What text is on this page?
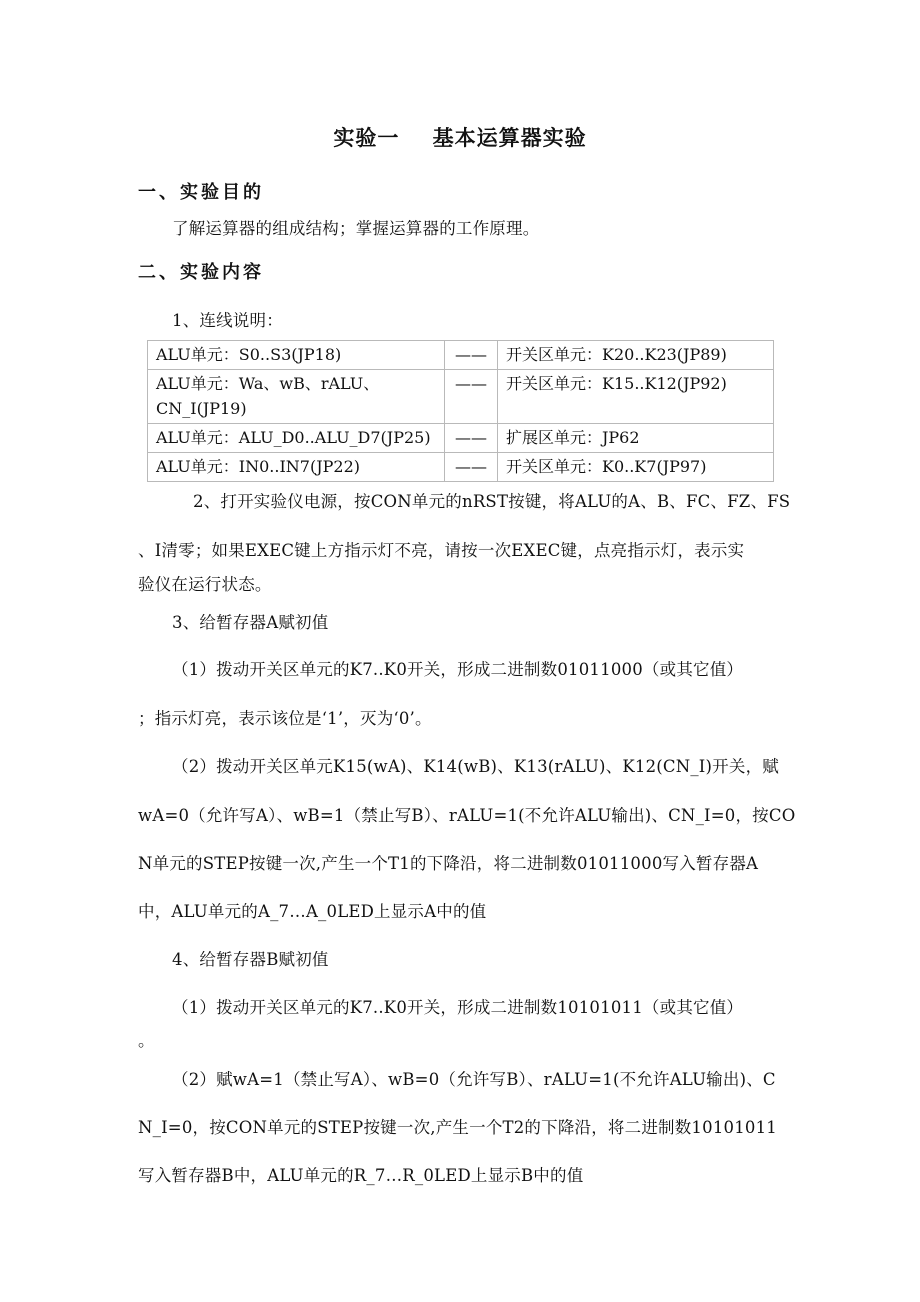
实验一    基本运算器实验
一、实验目的
了解运算器的组成结构；掌握运算器的工作原理。
二、实验内容
1、连线说明：
ALU单元：S0..S3(JP18)	——	开关区单元：K20..K23(JP89)
ALU单元：Wa、wB、rALU、CN_I(JP19)	——	开关区单元：K15..K12(JP92)
ALU单元：ALU_D0..ALU_D7(JP25)	——	扩展区单元：JP62
ALU单元：IN0..IN7(JP22)	——	开关区单元：K0..K7(JP97)
2、打开实验仪电源，按CON单元的nRST按键，将ALU的A、B、FC、FZ、FS
、I清零；如果EXEC键上方指示灯不亮，请按一次EXEC键，点亮指示灯，表示实
验仪在运行状态。
3、给暂存器A赋初值
（1）拨动开关区单元的K7..K0开关，形成二进制数01011000（或其它值）
；指示灯亮，表示该位是‘1’，灭为‘0’。
（2）拨动开关区单元K15(wA)、K14(wB)、K13(rALU)、K12(CN_I)开关，赋
wA=0（允许写A）、wB=1（禁止写B）、rALU=1(不允许ALU输出)、CN_I=0，按CO
N单元的STEP按键一次,产生一个T1的下降沿，将二进制数01011000写入暂存器A
中，ALU单元的A_7…A_0LED上显示A中的值
4、给暂存器B赋初值
（1）拨动开关区单元的K7..K0开关，形成二进制数10101011（或其它值）
。
（2）赋wA=1（禁止写A）、wB=0（允许写B）、rALU=1(不允许ALU输出)、C
N_I=0，按CON单元的STEP按键一次,产生一个T2的下降沿，将二进制数10101011
写入暂存器B中，ALU单元的R_7…R_0LED上显示B中的值
